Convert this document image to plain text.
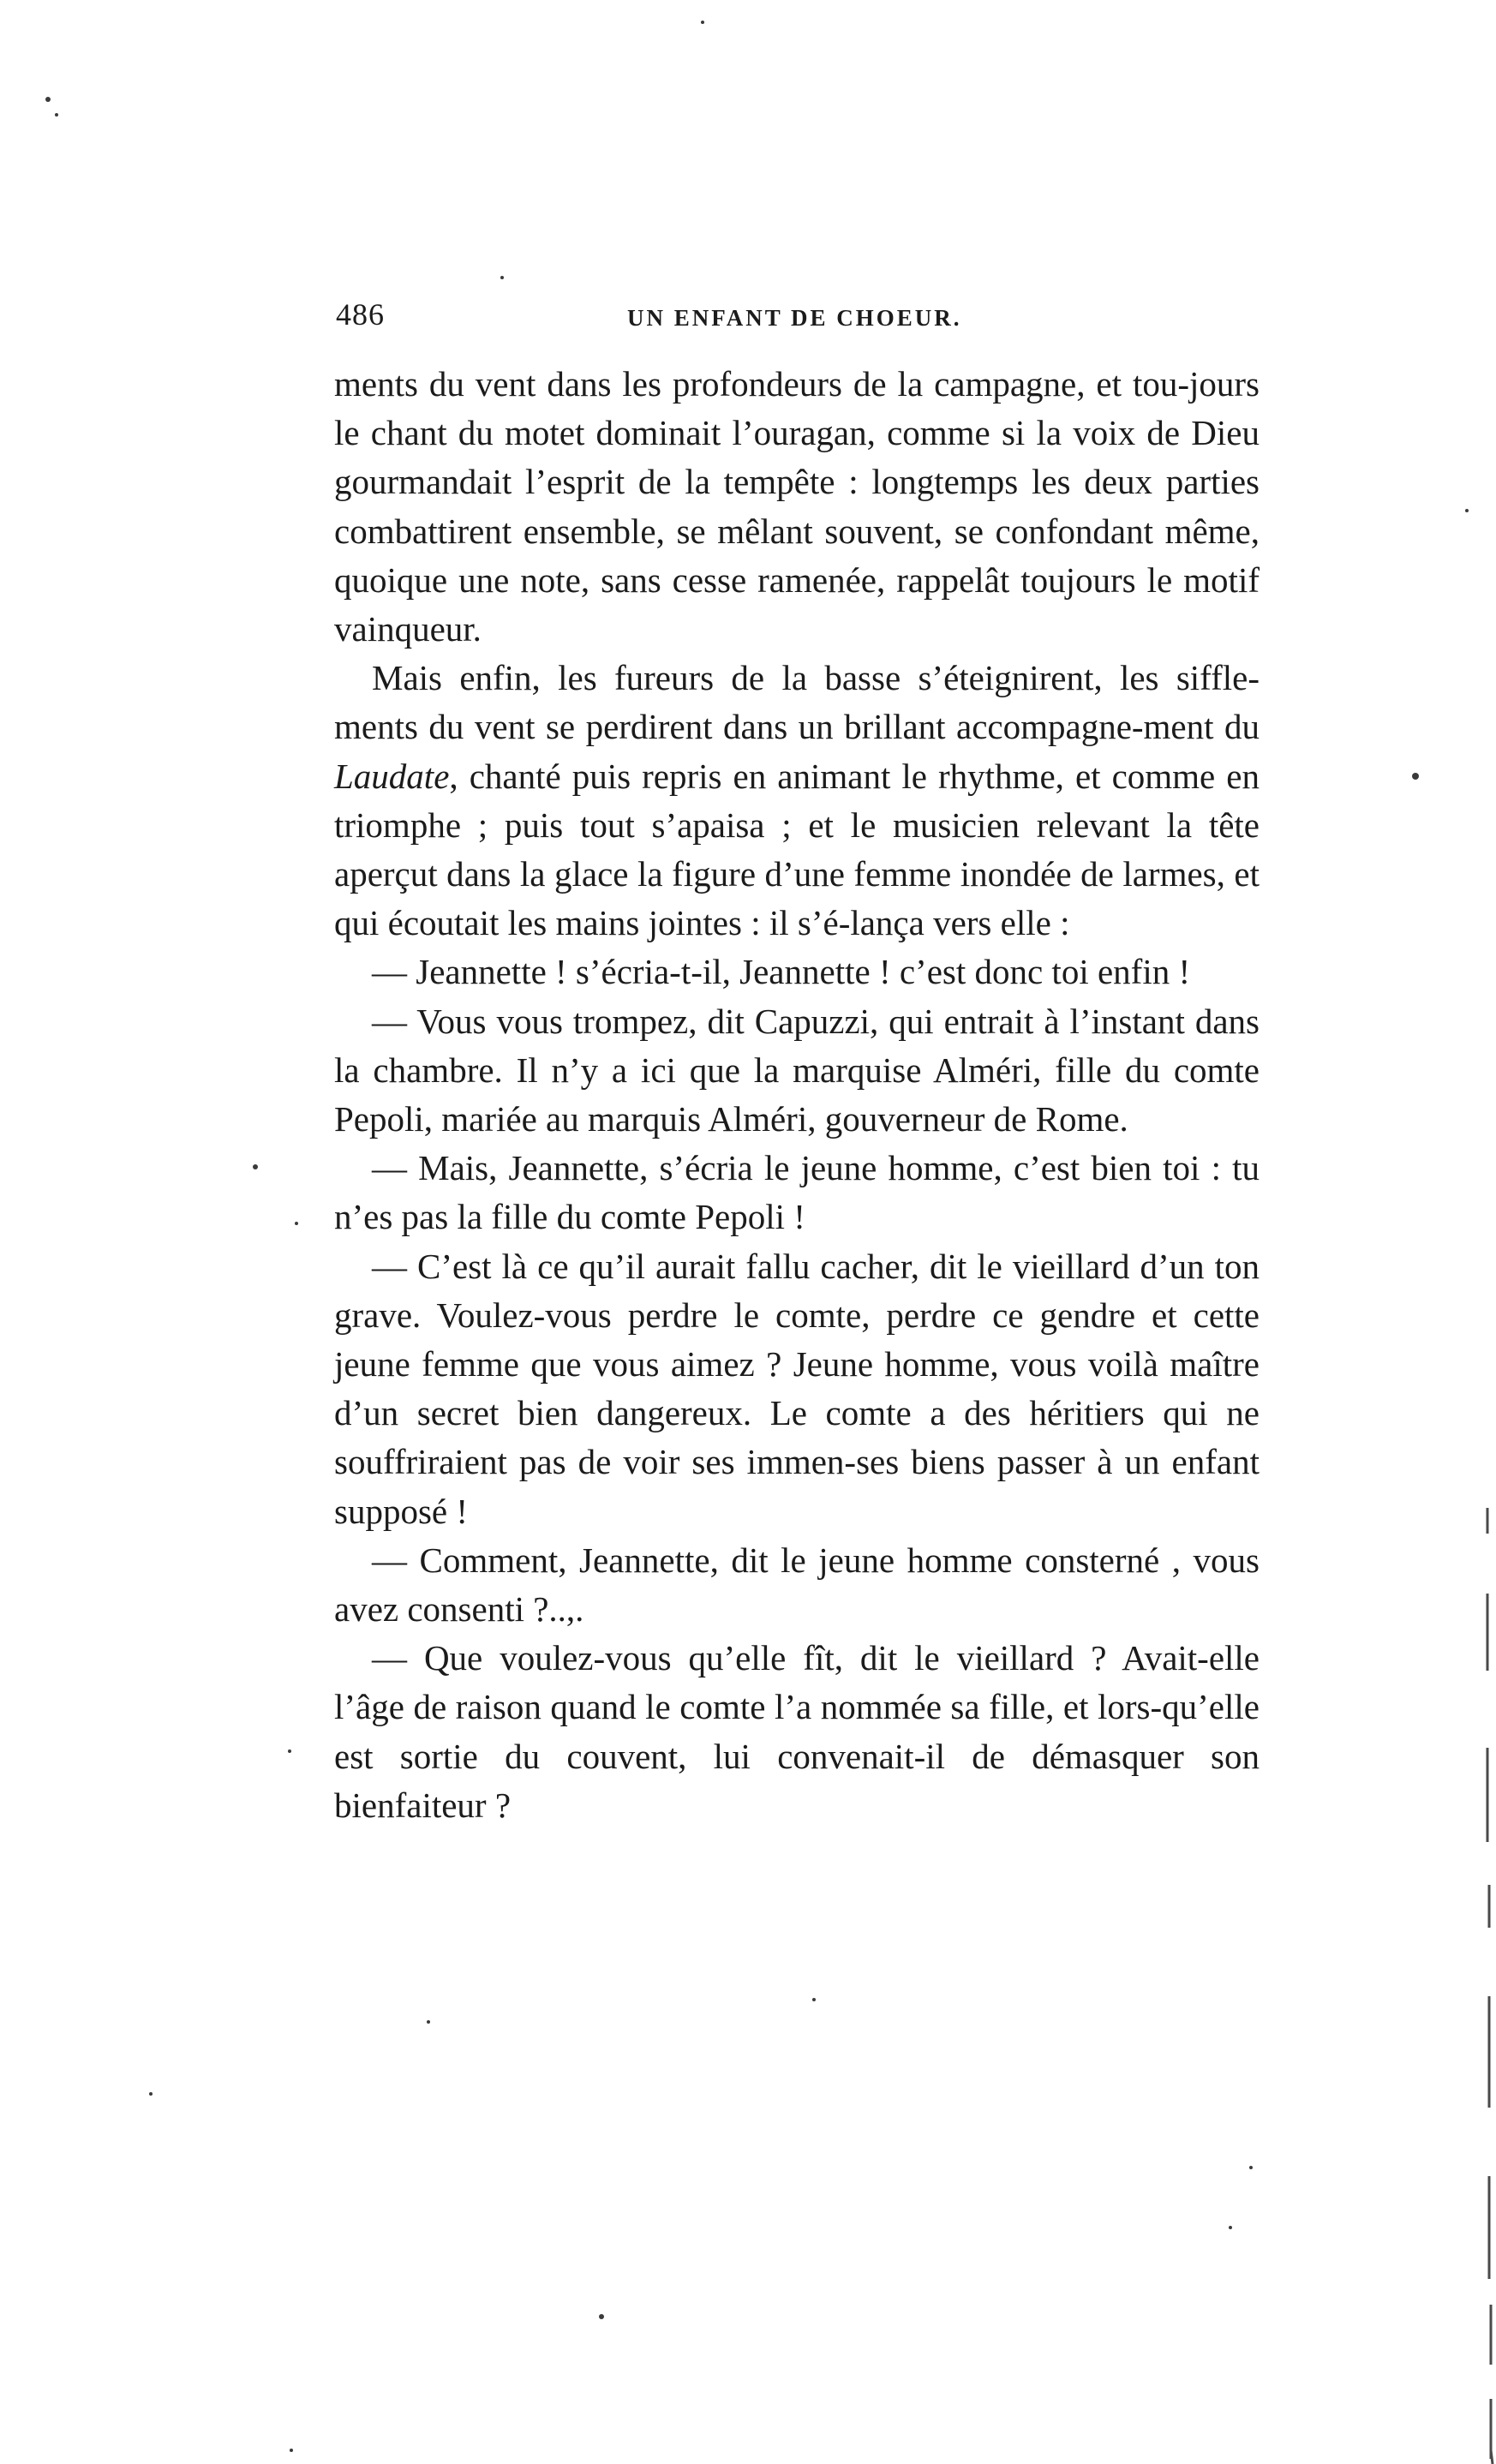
486	UN ENFANT DE CHOEUR.

ments du vent dans les profondeurs de la campagne, et tou-jours le chant du motet dominait l’ouragan, comme si la voix de Dieu gourmandait l’esprit de la tempête : longtemps les deux parties combattirent ensemble, se mêlant souvent, se confondant même, quoique une note, sans cesse ramenée, rappelât toujours le motif vainqueur.

Mais enfin, les fureurs de la basse s’éteignirent, les siffle-ments du vent se perdirent dans un brillant accompagne-ment du Laudate, chanté puis repris en animant le rhythme, et comme en triomphe ; puis tout s’apaisa ; et le musicien relevant la tête aperçut dans la glace la figure d’une femme inondée de larmes, et qui écoutait les mains jointes : il s’é-lança vers elle :

— Jeannette ! s’écria-t-il, Jeannette ! c’est donc toi enfin !

— Vous vous trompez, dit Capuzzi, qui entrait à l’instant dans la chambre. Il n’y a ici que la marquise Alméri, fille du comte Pepoli, mariée au marquis Alméri, gouverneur de Rome.

— Mais, Jeannette, s’écria le jeune homme, c’est bien toi : tu n’es pas la fille du comte Pepoli !

— C’est là ce qu’il aurait fallu cacher, dit le vieillard d’un ton grave. Voulez-vous perdre le comte, perdre ce gendre et cette jeune femme que vous aimez ? Jeune homme, vous voilà maître d’un secret bien dangereux. Le comte a des héritiers qui ne souffriraient pas de voir ses immen-ses biens passer à un enfant supposé !

— Comment, Jeannette, dit le jeune homme consterné , vous avez consenti ?..,.

— Que voulez-vous qu’elle fît, dit le vieillard ? Avait-elle l’âge de raison quand le comte l’a nommée sa fille, et lors-qu’elle est sortie du couvent, lui convenait-il de démasquer son bienfaiteur ?
